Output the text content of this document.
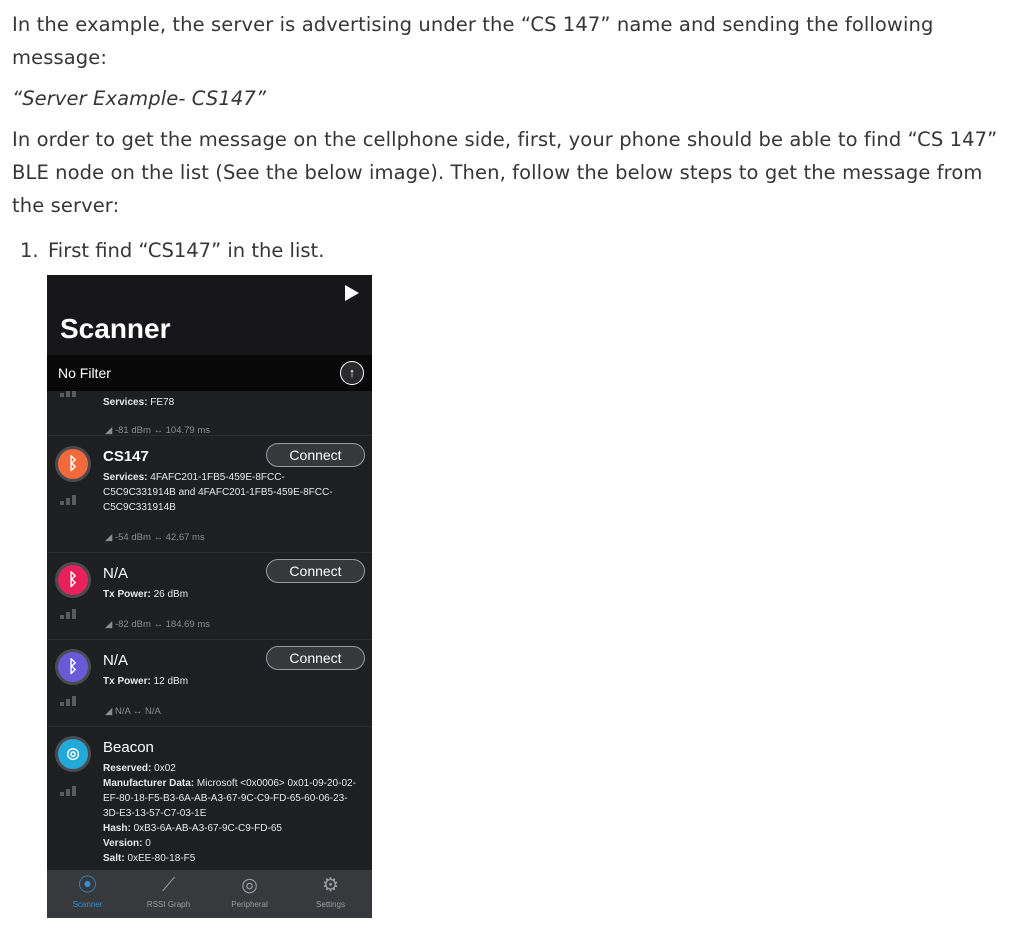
In the example, the server is advertising under the “CS 147” name and sending the following message:

“Server Example- CS147”

In order to get the message on the cellphone side, first, your phone should be able to find “CS 147” BLE node on the list (See the below image). Then, follow the below steps to get the message from the server:

1. First find “CS147” in the list.
Scanner
No Filter	↑
Services: FE78
◢ -81 dBm ↔ 104.79 ms
ᛒ	CS147	Connect
Services: 4FAFC201-1FB5-459E-8FCC-C5C9C331914B and 4FAFC201-1FB5-459E-8FCC-C5C9C331914B
◢ -54 dBm ↔ 42.67 ms
ᛒ	N/A	Connect
Tx Power: 26 dBm
◢ -82 dBm ↔ 184.69 ms
ᛒ	N/A	Connect
Tx Power: 12 dBm
◢ N/A ↔ N/A
◎	Beacon
Reserved: 0x02
Manufacturer Data: Microsoft <0x0006> 0x01-09-20-02-EF-80-18-F5-B3-6A-AB-A3-67-9C-C9-FD-65-60-06-23-3D-E3-13-57-C7-03-1E
Hash: 0xB3-6A-AB-A3-67-9C-C9-FD-65
Version: 0
Salt: 0xEE-80-18-F5
⦿
Scanner
⟋
RSSI Graph
◎
Peripheral
⚙
Settings
